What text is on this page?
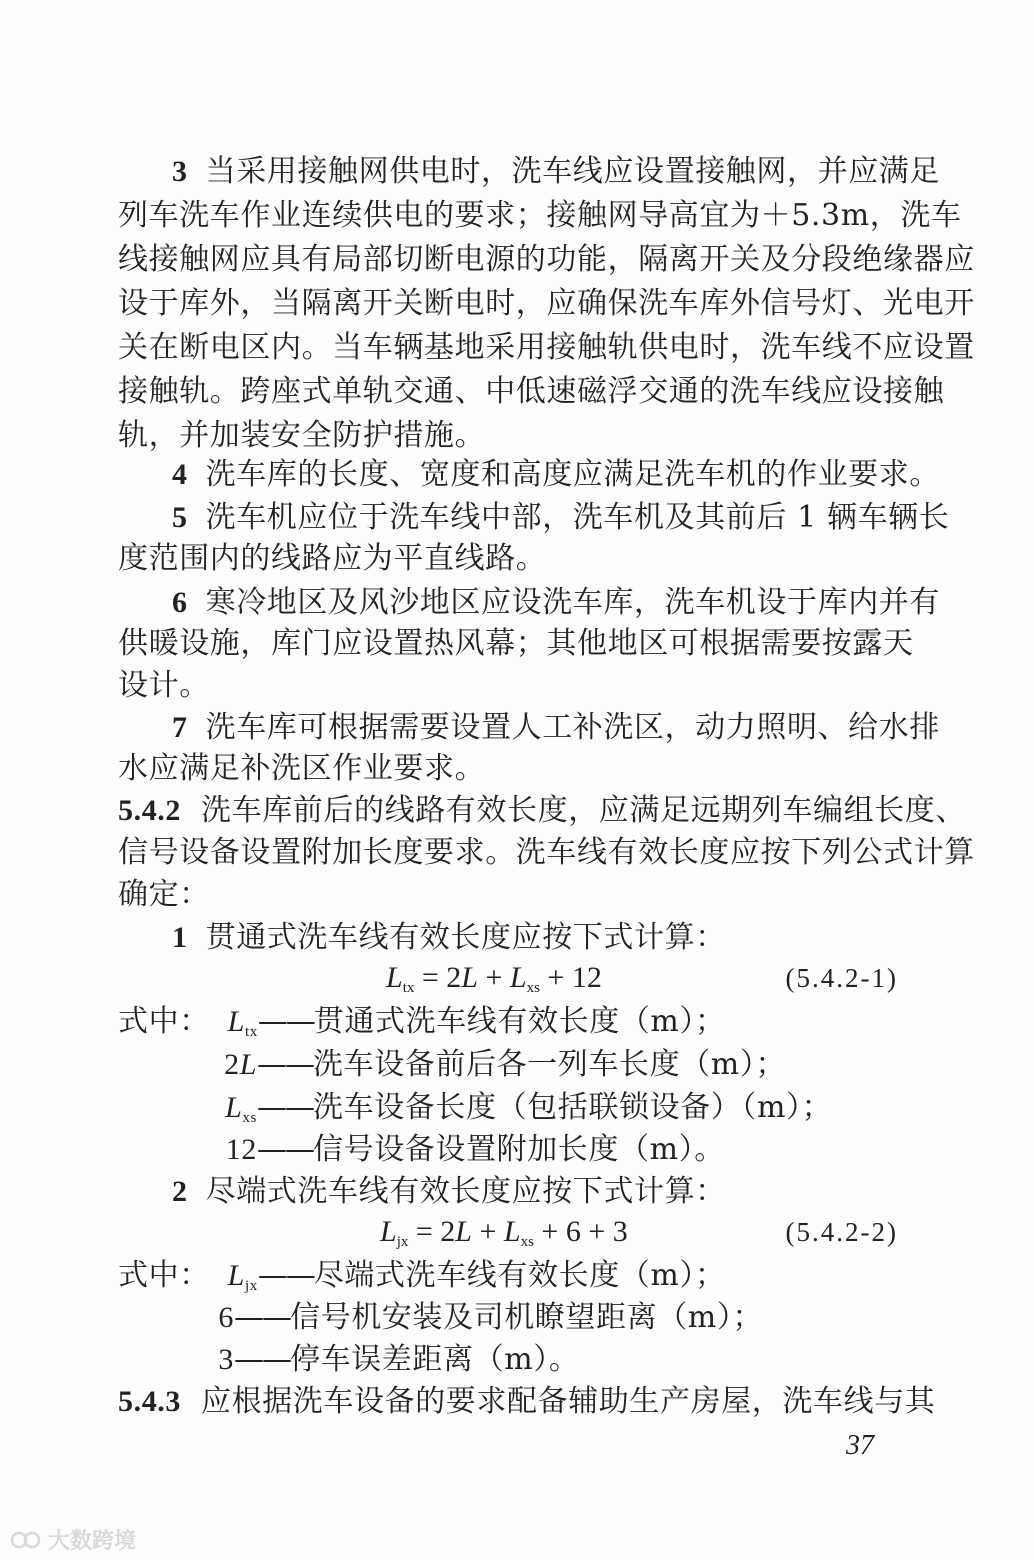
3 当采用接触网供电时，洗车线应设置接触网，并应满足
列车洗车作业连续供电的要求；接触网导高宜为＋5.3m，洗车
线接触网应具有局部切断电源的功能，隔离开关及分段绝缘器应
设于库外，当隔离开关断电时，应确保洗车库外信号灯、光电开
关在断电区内。当车辆基地采用接触轨供电时，洗车线不应设置
接触轨。跨座式单轨交通、中低速磁浮交通的洗车线应设接触
轨，并加装安全防护措施。
4 洗车库的长度、宽度和高度应满足洗车机的作业要求。
5 洗车机应位于洗车线中部，洗车机及其前后 1 辆车辆长
度范围内的线路应为平直线路。
6 寒冷地区及风沙地区应设洗车库，洗车机设于库内并有
供暖设施，库门应设置热风幕；其他地区可根据需要按露天
设计。
7 洗车库可根据需要设置人工补洗区，动力照明、给水排
水应满足补洗区作业要求。
5.4.2 洗车库前后的线路有效长度，应满足远期列车编组长度、
信号设备设置附加长度要求。洗车线有效长度应按下列公式计算
确定：
1 贯通式洗车线有效长度应按下式计算：
$L_{tx} = 2L + L_{xs} + 12$	(5.4.2-1)
式中： $L_{tx}——$贯通式洗车线有效长度（m）；
2L——洗车设备前后各一列车长度（m）；
$L_{xs}——$洗车设备长度（包括联锁设备）（m）；
12——信号设备设置附加长度（m）。
2 尽端式洗车线有效长度应按下式计算：
$L_{jx} = 2L + L_{xs} + 6 + 3$	(5.4.2-2)
式中： $L_{jx}——$尽端式洗车线有效长度（m）；
6——信号机安装及司机瞭望距离（m）；
3——停车误差距离（m）。
5.4.3 应根据洗车设备的要求配备辅助生产房屋，洗车线与其
37
大数跨境
